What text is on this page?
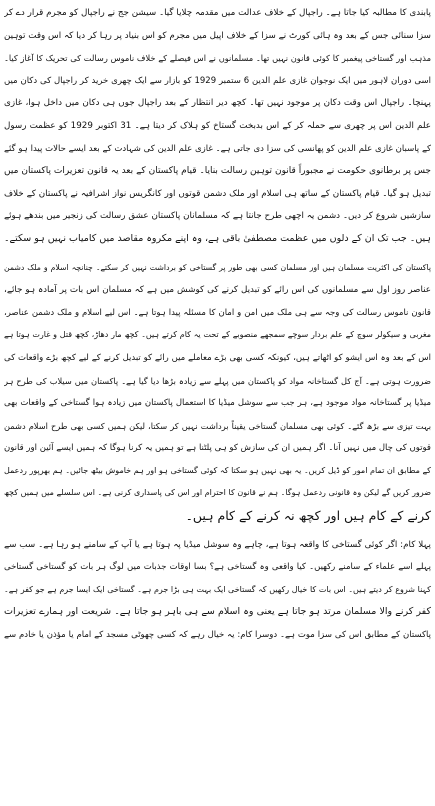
پابندی کا مطالبہ کیا جاتا ہے۔ راجپال کے خلاف عدالت میں مقدمہ چلایا گیا۔ سیشن جج نے راجپال کو مجرم قرار دے کر
سزا سنائی جس کے بعد وہ ہائی کورٹ نے سزا کے خلاف اپیل میں مجرم کو اس بنیاد پر رہا کر دیا کہ اس وقت توہین
مذہب اور گستاخی پیغمبر کا کوئی قانون نہیں تھا۔ مسلمانوں نے اس فیصلے کے خلاف ناموس رسالت کی تحریک کا آغاز کیا۔
اسی دوران لاہور میں ایک نوجوان غازی علم الدین 6 ستمبر 1929 کو بازار سے ایک چھری خرید کر راجپال کی دکان میں
پہنچا۔ راجپال اس وقت دکان پر موجود نہیں تھا۔ کچھ دیر انتظار کے بعد راجپال جوں ہی دکان میں داخل ہوا، غازی
علم الدین اس پر چھری سے حملہ کر کے اس بدبخت گستاخ کو ہلاک کر دیتا ہے۔ 31 اکتوبر 1929 کو عظمت رسول
کے پاسبان غازی علم الدین کو پھانسی کی سزا دی جاتی ہے۔ غازی علم الدین کی شہادت کے بعد ایسے حالات پیدا ہو گئے
جس پر برطانوی حکومت نے مجبوراً قانون توہین رسالت بنایا۔ قیام پاکستان کے بعد یہ قانون تعزیرات پاکستان میں
تبدیل ہو گیا۔ قیام پاکستان کے ساتھ ہی اسلام اور ملک دشمن قوتوں اور کانگریس نواز اشرافیہ نے پاکستان کے خلاف
سازشیں شروع کر دیں۔ دشمن یہ اچھی طرح جانتا ہے کہ مسلمانان پاکستان عشق رسالت کی زنجیر میں بندھے ہوئے
ہیں۔ جب تک ان کے دلوں میں عظمت مصطفیٰ باقی ہے، وہ اپنے مکروہ مقاصد میں کامیاب نہیں ہو سکتے۔
پاکستان کی اکثریت مسلمان ہیں اور مسلمان کسی بھی طور پر گستاخی کو برداشت نہیں کر سکتے۔ چنانچہ اسلام و ملک دشمن
عناصر روز اول سے مسلمانوں کی اس رائے کو تبدیل کرنے کی کوشش میں ہے کہ مسلمان اس بات پر آمادہ ہو جائے،
قانون ناموس رسالت کی وجہ سے ہی ملک میں امن و امان کا مسئلہ پیدا ہوتا ہے۔ اس لیے اسلام و ملک دشمن عناصر،
مغربی و سیکولر سوچ کے علم بردار سوچے سمجھے منصوبے کے تحت یہ کام کرتے ہیں۔ کچھ مار دھاڑ، کچھ قتل و غارت ہوتا ہے
اس کے بعد وہ اس ایشو کو اٹھاتے ہیں، کیونکہ کسی بھی بڑے معاملے میں رائے کو تبدیل کرنے کے لیے کچھ بڑے واقعات کی
ضرورت ہوتی ہے۔ آج کل گستاخانہ مواد کو پاکستان میں پہلے سے زیادہ بڑھا دیا گیا ہے۔ پاکستان میں سیلاب کی طرح ہر
میڈیا پر گستاخانہ مواد موجود ہے، ہر جب سے سوشل میڈیا کا استعمال پاکستان میں زیادہ ہوا گستاخی کے واقعات بھی
بہت تیزی سے بڑھ گئے۔ کوئی بھی مسلمان گستاخی یقیناً برداشت نہیں کر سکتا، لیکن ہمیں کسی بھی طرح اسلام دشمن
قوتوں کی چال میں نہیں آنا۔ اگر ہمیں ان کی سازش کو ہی پلٹنا ہے تو ہمیں یہ کرنا ہوگا کہ ہمیں ایسے آئین اور قانون
کے مطابق ان تمام امور کو ڈیل کریں۔ یہ بھی نہیں ہو سکتا کہ کوئی گستاخی ہو اور ہم خاموش بیٹھ جائیں۔ ہم بھرپور ردعمل
ضرور کریں گے لیکن وہ قانونی ردعمل ہوگا۔ ہم نے قانون کا احترام اور اس کی پاسداری کرنی ہے۔ اس سلسلے میں ہمیں کچھ
کرنے کے کام ہیں اور کچھ نہ کرنے کے کام ہیں۔
پہلا کام: اگر کوئی گستاخی کا واقعہ ہوتا ہے، چاہے وہ سوشل میڈیا پہ ہوتا ہے یا آپ کے سامنے ہو رہا ہے۔ سب سے
پہلے اسے علماء کے سامنے رکھیں۔ کیا واقعی وہ گستاخی ہے؟ بسا اوقات جذبات میں لوگ ہر بات کو گستاخی گستاخی
کہنا شروع کر دیتے ہیں۔ اس بات کا خیال رکھیں کہ گستاخی ایک بہت ہی بڑا جرم ہے۔ گستاخی ایک ایسا جرم ہے جو کفر ہے۔
کفر کرنے والا مسلمان مرتد ہو جاتا ہے یعنی وہ اسلام سے ہی باہر ہو جاتا ہے۔ شریعت اور ہمارے تعزیرات
پاکستان کے مطابق اس کی سزا موت ہے۔ دوسرا کام: یہ خیال رہے کہ کسی چھوٹی مسجد کے امام یا مؤذن یا خادم سے
